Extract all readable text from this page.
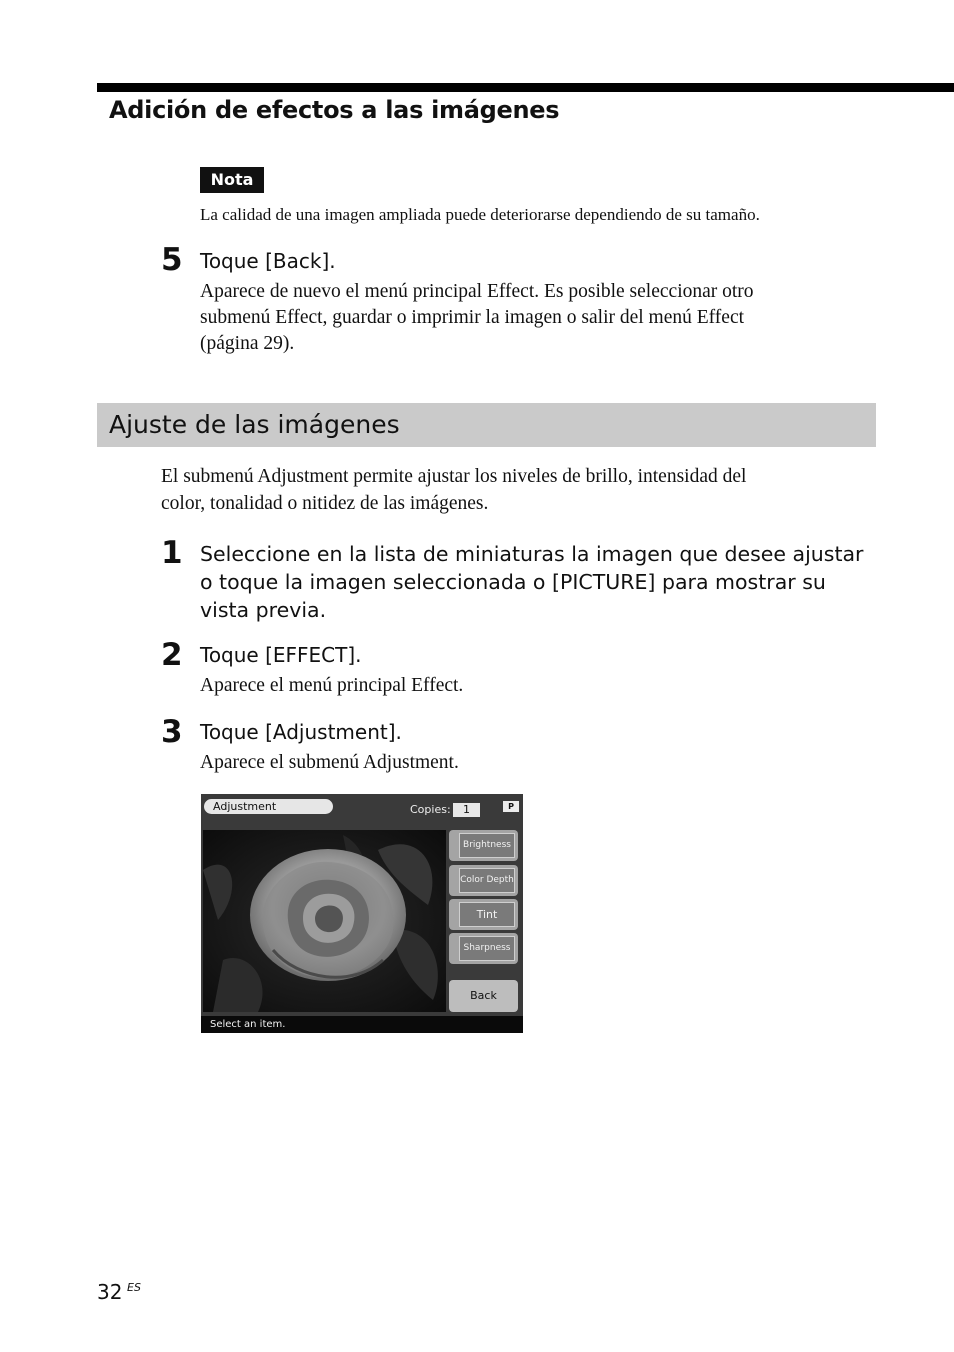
Adición de efectos a las imágenes
Nota
La calidad de una imagen ampliada puede deteriorarse dependiendo de su tamaño.
5 Toque [Back].
Aparece de nuevo el menú principal Effect. Es posible seleccionar otro
submenú Effect, guardar o imprimir la imagen o salir del menú Effect
(página 29).
Ajuste de las imágenes
El submenú Adjustment permite ajustar los niveles de brillo, intensidad del
color, tonalidad o nitidez de las imágenes.
1 Seleccione en la lista de miniaturas la imagen que desee ajustar
o toque la imagen seleccionada o [PICTURE] para mostrar su
vista previa.
2 Toque [EFFECT].
Aparece el menú principal Effect.
3 Toque [Adjustment].
Aparece el submenú Adjustment.
Adjustment	Copies:	1	P
Brightness
Color Depth
Tint
Sharpness
Back
Select an item.
32 ES
